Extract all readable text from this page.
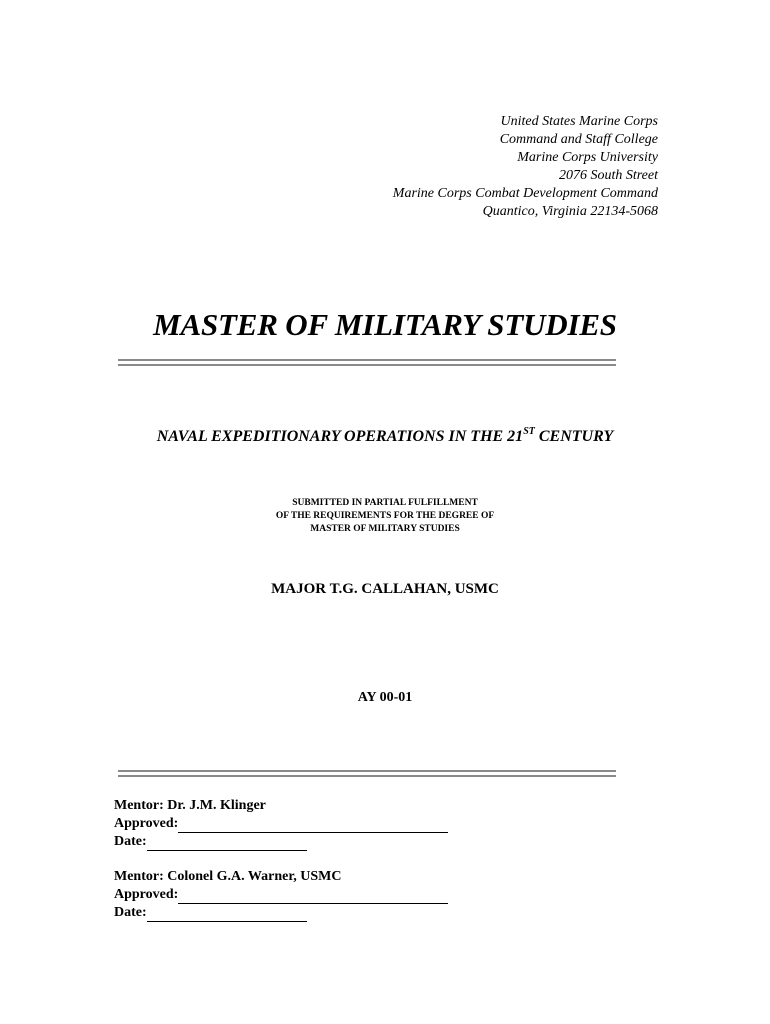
United States Marine Corps
Command and Staff College
Marine Corps University
2076 South Street
Marine Corps Combat Development Command
Quantico, Virginia 22134-5068
MASTER OF MILITARY STUDIES
NAVAL EXPEDITIONARY OPERATIONS IN THE 21ST CENTURY
SUBMITTED IN PARTIAL FULFILLMENT
OF THE REQUIREMENTS FOR THE DEGREE OF
MASTER OF MILITARY STUDIES
MAJOR T.G. CALLAHAN, USMC
AY 00-01
Mentor: Dr. J.M. Klinger
Approved:
Date:
Mentor: Colonel G.A. Warner, USMC
Approved:
Date:
